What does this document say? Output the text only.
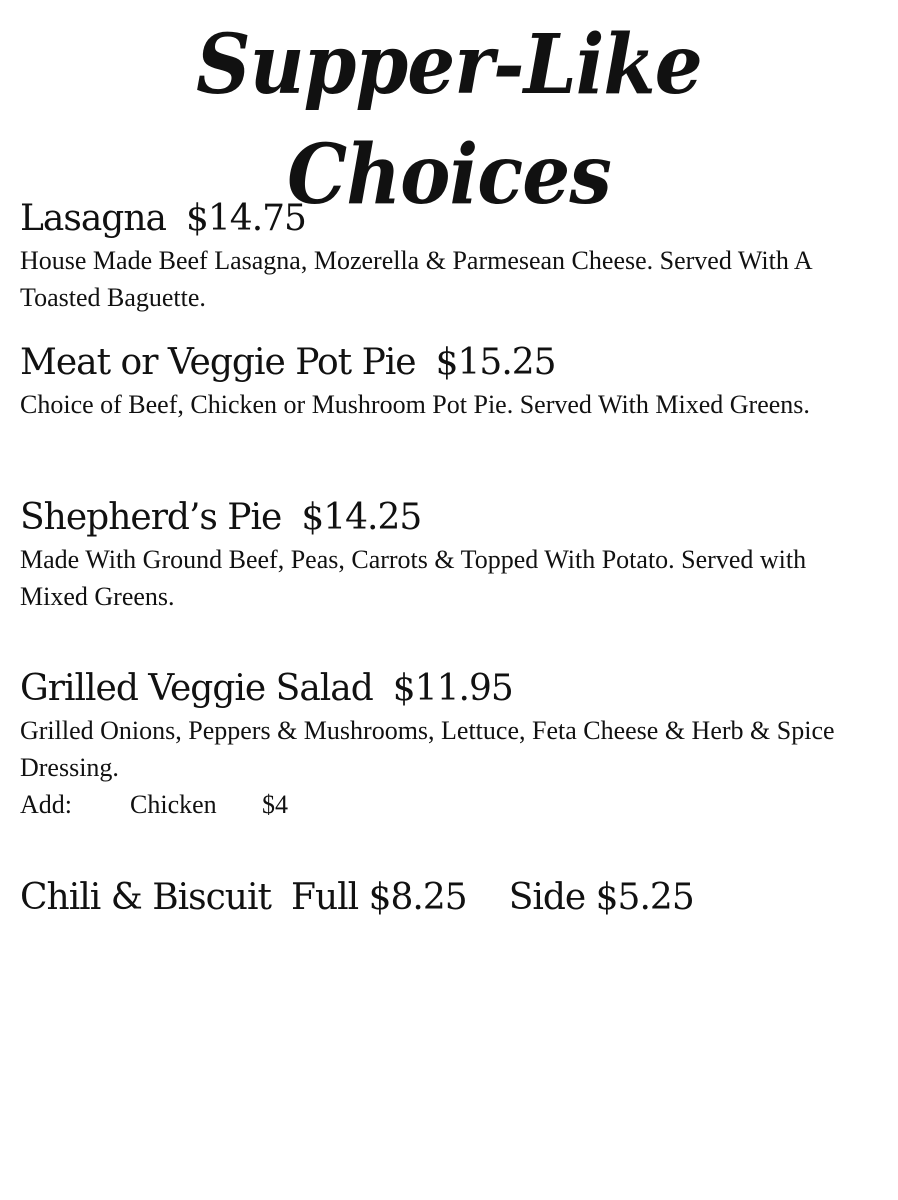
Supper-Like Choices
Lasagna $14.75
House Made Beef Lasagna, Mozerella & Parmesean Cheese. Served With A Toasted Baguette.
Meat or Veggie Pot Pie $15.25
Choice of Beef, Chicken or Mushroom Pot Pie. Served With Mixed Greens.
Shepherd’s Pie $14.25
Made With Ground Beef, Peas, Carrots & Topped With Potato. Served with Mixed Greens.
Grilled Veggie Salad $11.95
Grilled Onions, Peppers & Mushrooms, Lettuce, Feta Cheese & Herb & Spice Dressing.
Add: Chicken $4
Chili & Biscuit Full $8.25 Side $5.25
